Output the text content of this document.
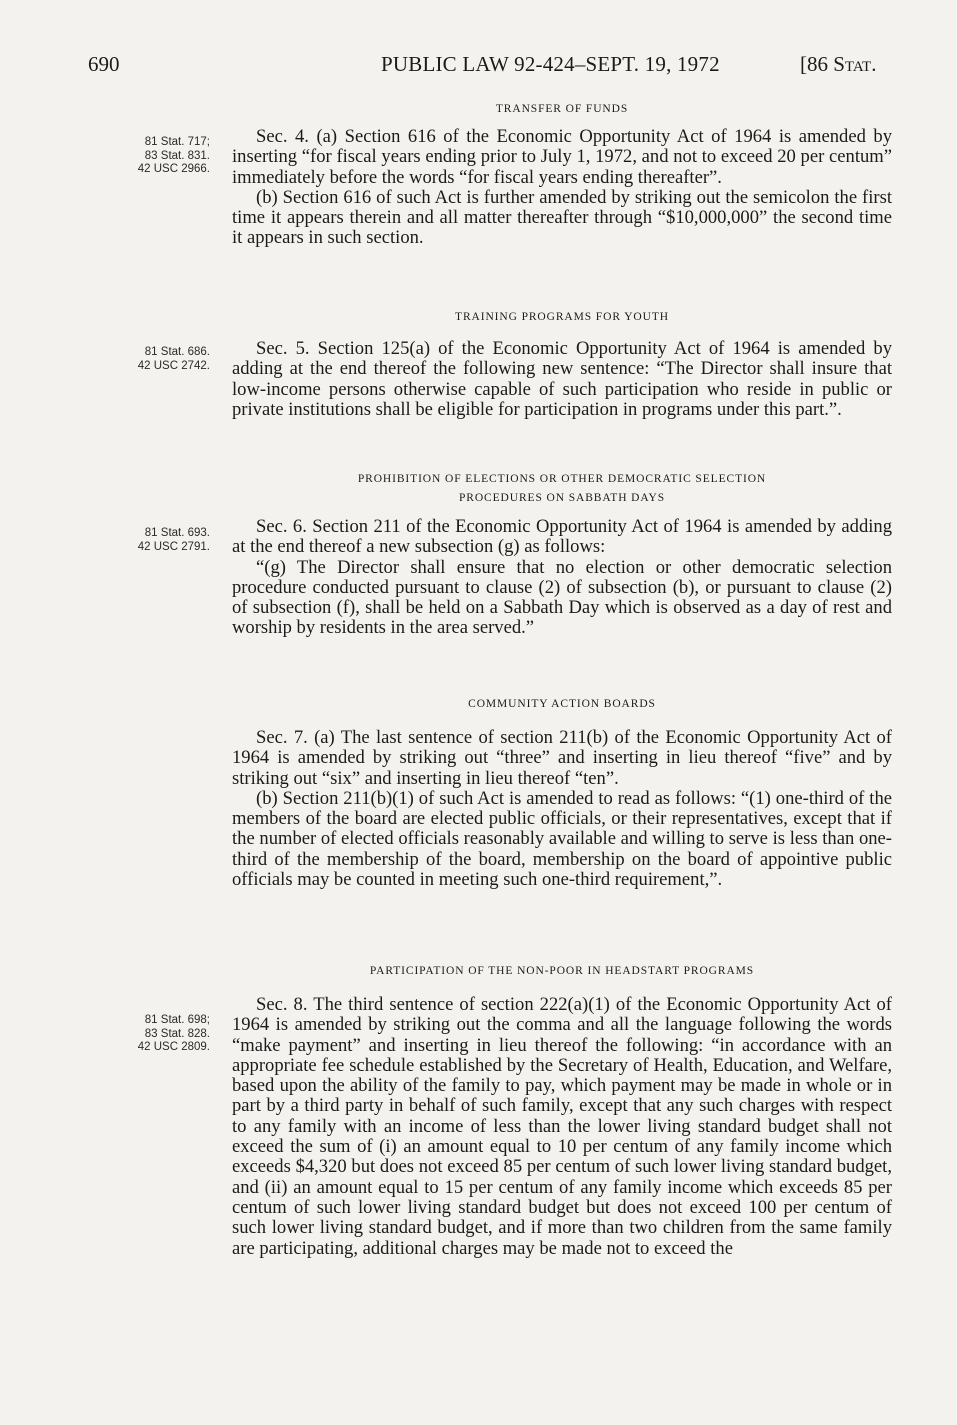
690	PUBLIC LAW 92-424–SEPT. 19, 1972	[86 Stat.
TRANSFER OF FUNDS

Sec. 4. (a) Section 616 of the Economic Opportunity Act of 1964 is amended by inserting “for fiscal years ending prior to July 1, 1972, and not to exceed 20 per centum” immediately before the words “for fiscal years ending thereafter”.

(b) Section 616 of such Act is further amended by striking out the semicolon the first time it appears therein and all matter thereafter through “$10,000,000” the second time it appears in such section.

81 Stat. 717;
83 Stat. 831.
42 USC 2966.
TRAINING PROGRAMS FOR YOUTH

Sec. 5. Section 125(a) of the Economic Opportunity Act of 1964 is amended by adding at the end thereof the following new sentence: “The Director shall insure that low-income persons otherwise capable of such participation who reside in public or private institutions shall be eligible for participation in programs under this part.”.

81 Stat. 686.
42 USC 2742.
PROHIBITION OF ELECTIONS OR OTHER DEMOCRATIC SELECTION
PROCEDURES ON SABBATH DAYS

Sec. 6. Section 211 of the Economic Opportunity Act of 1964 is amended by adding at the end thereof a new subsection (g) as follows:

“(g) The Director shall ensure that no election or other democratic selection procedure conducted pursuant to clause (2) of subsection (b), or pursuant to clause (2) of subsection (f), shall be held on a Sabbath Day which is observed as a day of rest and worship by residents in the area served.”

81 Stat. 693.
42 USC 2791.
COMMUNITY ACTION BOARDS

Sec. 7. (a) The last sentence of section 211(b) of the Economic Opportunity Act of 1964 is amended by striking out “three” and inserting in lieu thereof “five” and by striking out “six” and inserting in lieu thereof “ten”.

(b) Section 211(b)(1) of such Act is amended to read as follows: “(1) one-third of the members of the board are elected public officials, or their representatives, except that if the number of elected officials reasonably available and willing to serve is less than one-third of the membership of the board, membership on the board of appointive public officials may be counted in meeting such one-third requirement,”.

PARTICIPATION OF THE NON-POOR IN HEADSTART PROGRAMS

Sec. 8. The third sentence of section 222(a)(1) of the Economic Opportunity Act of 1964 is amended by striking out the comma and all the language following the words “make payment” and inserting in lieu thereof the following: “in accordance with an appropriate fee schedule established by the Secretary of Health, Education, and Welfare, based upon the ability of the family to pay, which payment may be made in whole or in part by a third party in behalf of such family, except that any such charges with respect to any family with an income of less than the lower living standard budget shall not exceed the sum of (i) an amount equal to 10 per centum of any family income which exceeds $4,320 but does not exceed 85 per centum of such lower living standard budget, and (ii) an amount equal to 15 per centum of any family income which exceeds 85 per centum of such lower living standard budget but does not exceed 100 per centum of such lower living standard budget, and if more than two children from the same family are participating, additional charges may be made not to exceed the

81 Stat. 698;
83 Stat. 828.
42 USC 2809.
